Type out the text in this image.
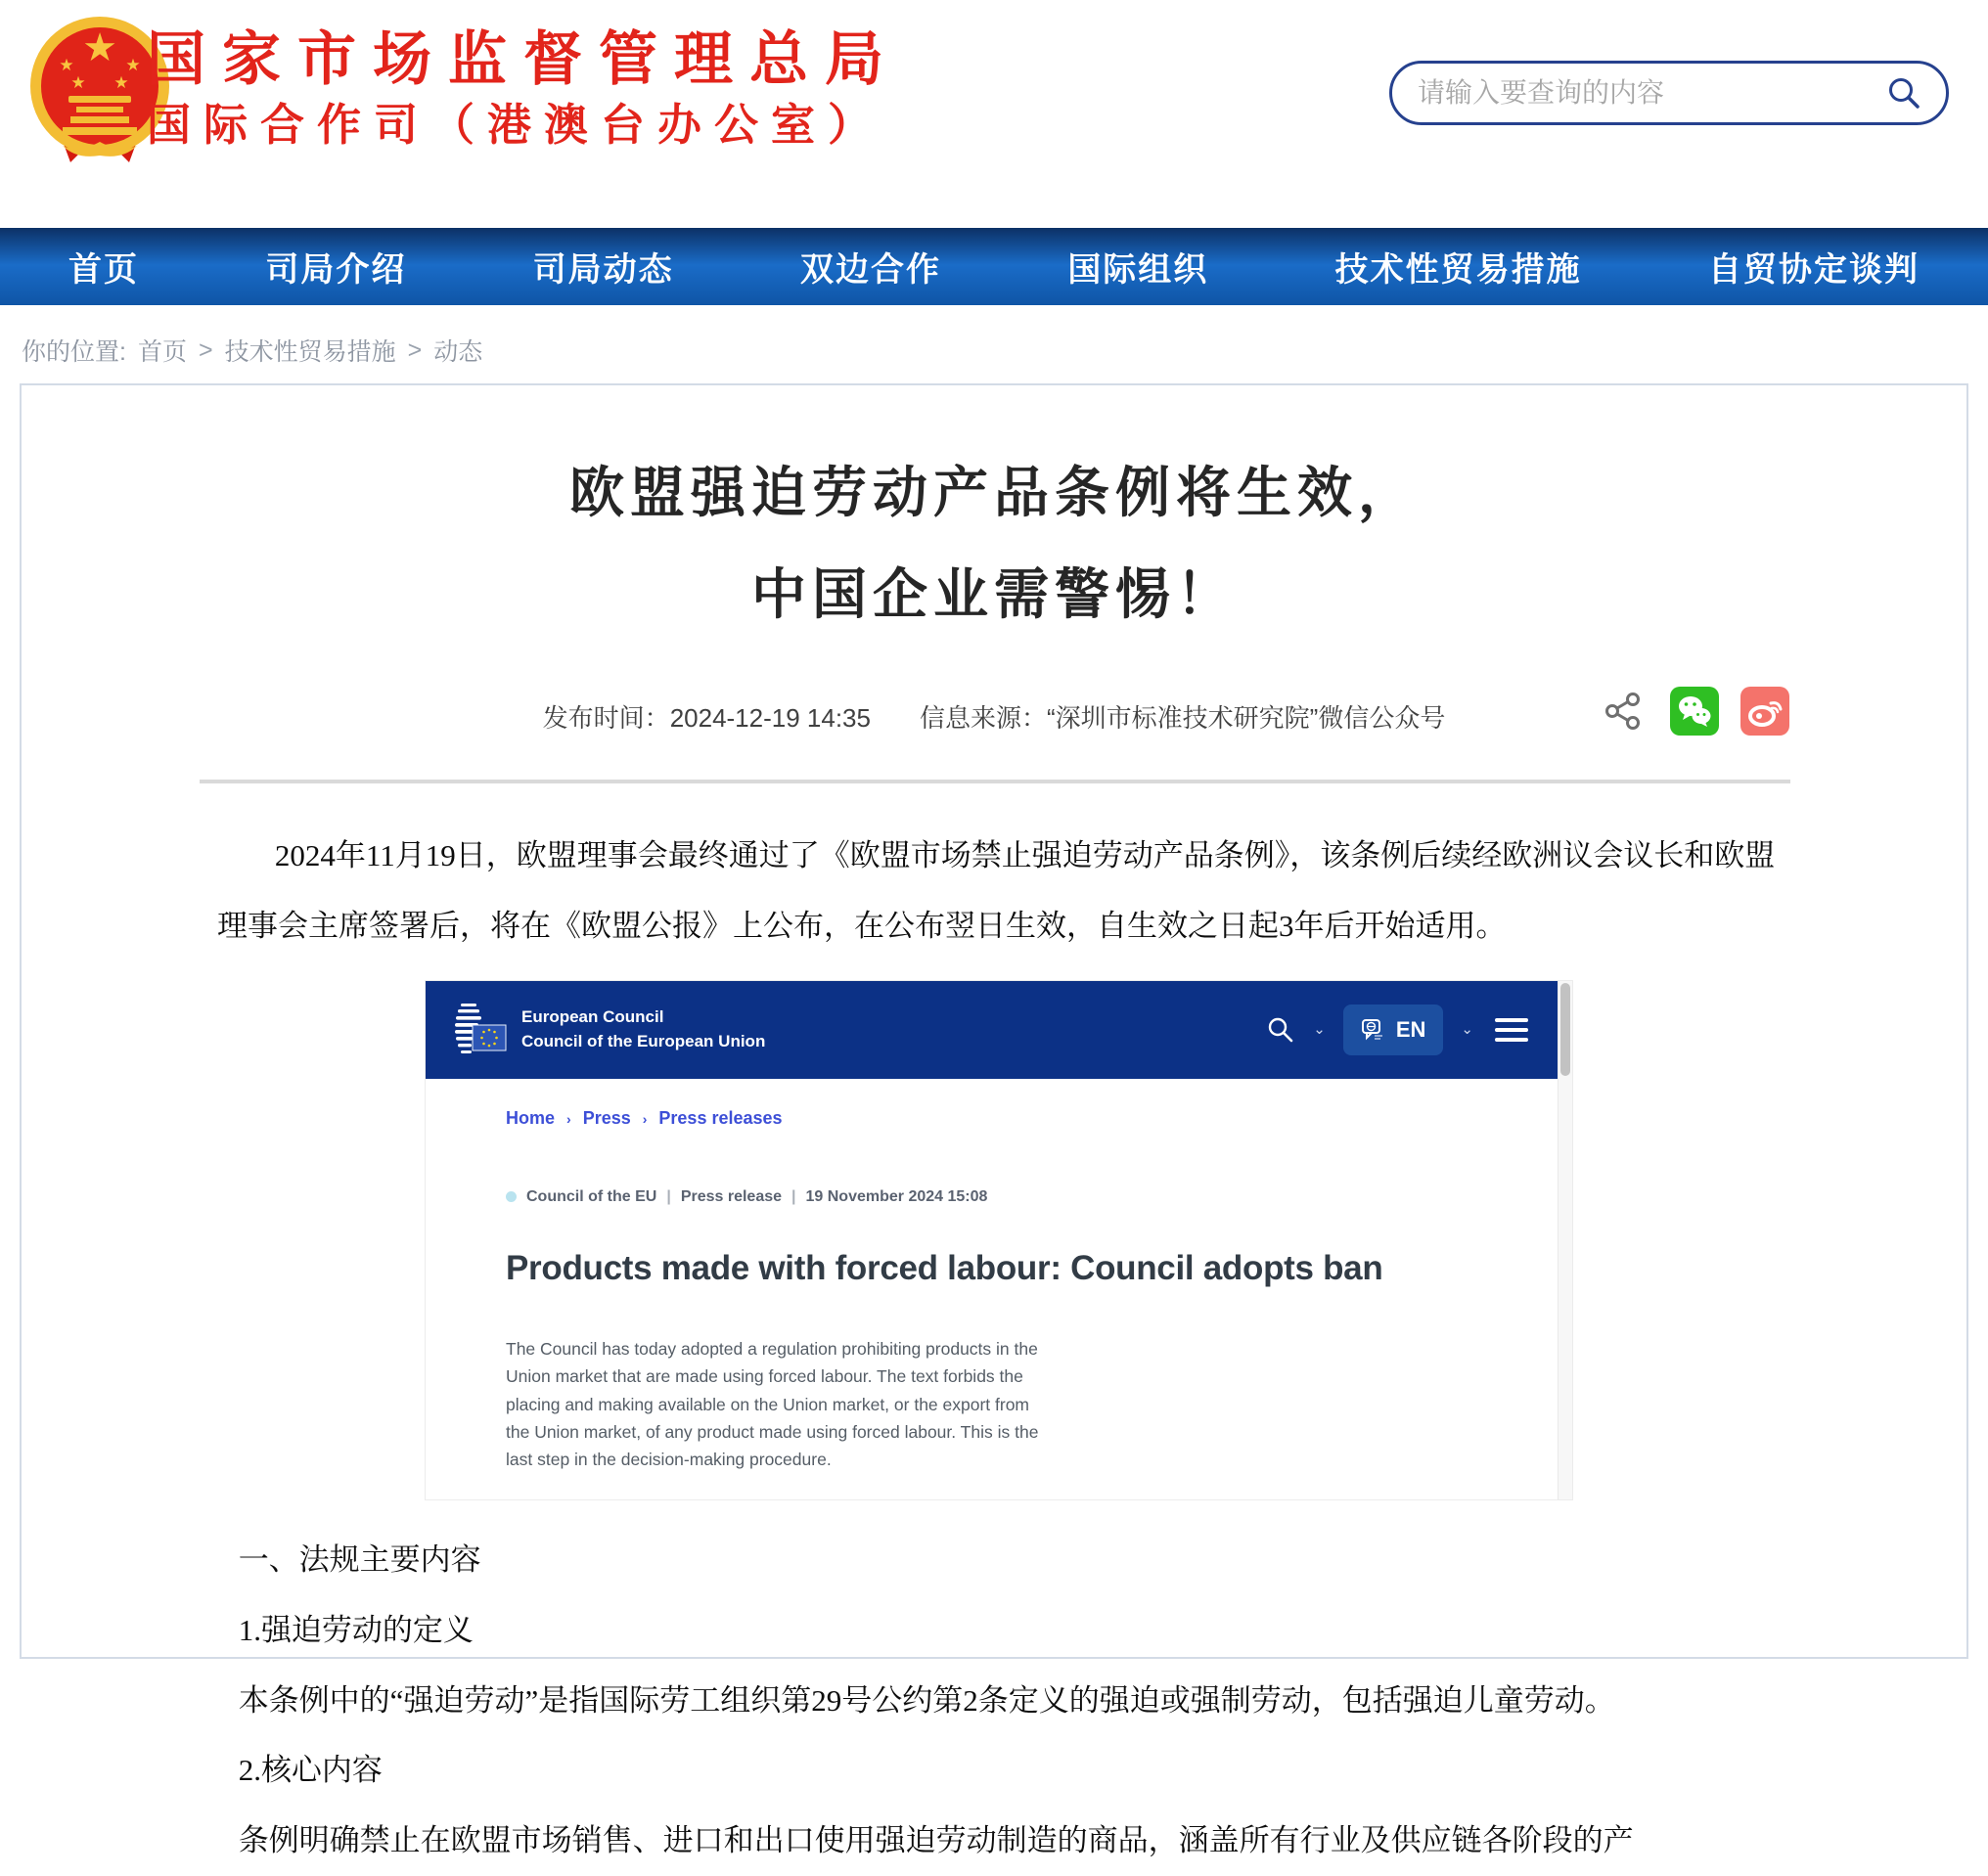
★
★	★
★ ★ 国家市场监督管理总局
国际合作司（港澳台办公室）
请输入要查询的内容
首页	司局介绍	司局动态	双边合作	国际组织	技术性贸易措施	自贸协定谈判
你的位置: 首页 > 技术性贸易措施 > 动态
欧盟强迫劳动产品条例将生效，
中国企业需警惕！
发布时间：2024-12-19 14:35 信息来源：“深圳市标准技术研究院”微信公众号

2024年11月19日，欧盟理事会最终通过了《欧盟市场禁止强迫劳动产品条例》，该条例后续经欧洲议会议长和欧盟理事会主席签署后，将在《欧盟公报》上公布，在公布翌日生效，自生效之日起3年后开始适用。

European Council
Council of the European Union
⌄	EN ⌄
Home › Press › Press releases
Council of the EU | Press release | 19 November 2024 15:08
Products made with forced labour: Council adopts ban
The Council has today adopted a regulation prohibiting products in the Union market that are made using forced labour. The text forbids the placing and making available on the Union market, or the export from the Union market, of any product made using forced labour. This is the last step in the decision-making procedure.

一、法规主要内容

1.强迫劳动的定义

本条例中的“强迫劳动”是指国际劳工组织第29号公约第2条定义的强迫或强制劳动，包括强迫儿童劳动。

2.核心内容

条例明确禁止在欧盟市场销售、进口和出口使用强迫劳动制造的商品，涵盖所有行业及供应链各阶段的产
